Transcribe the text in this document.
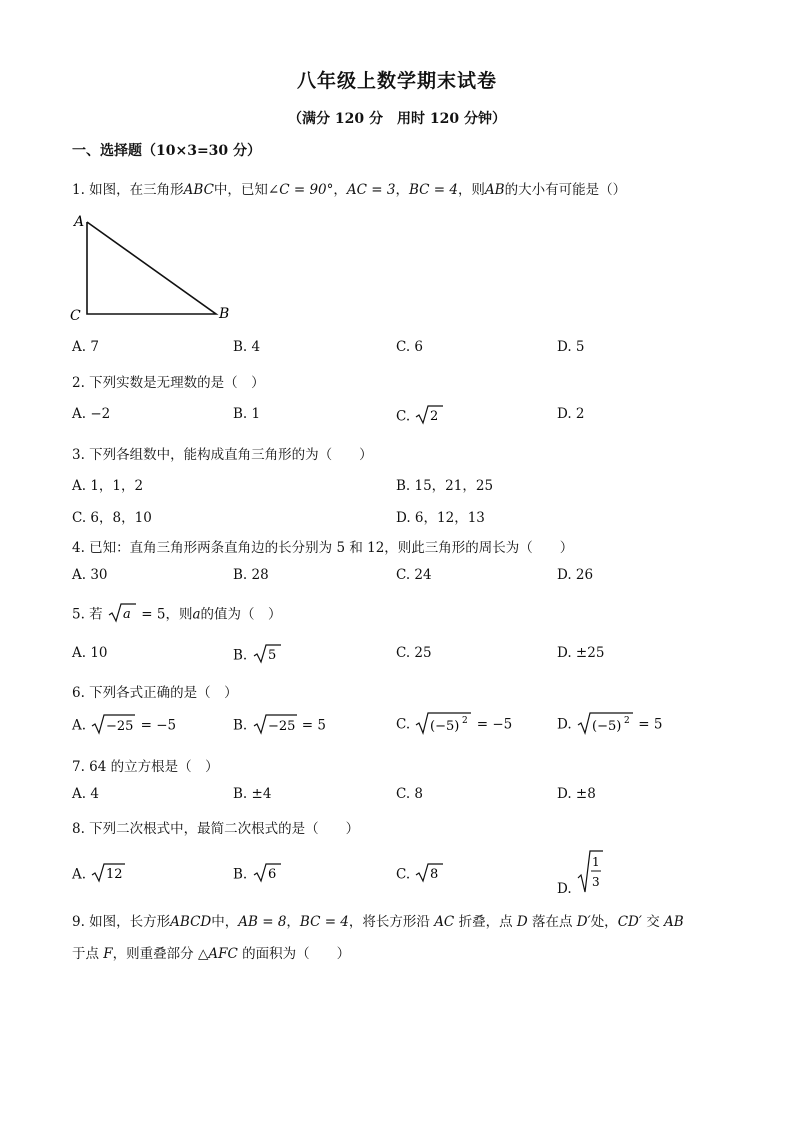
八年级上数学期末试卷
（满分 120 分　用时 120 分钟）
一、选择题（10×3=30 分）
1. 如图，在三角形ABC中，已知∠C = 90°，AC = 3，BC = 4，则AB的大小有可能是（）
A
C	B
A. 7	B. 4	C. 6	D. 5
2. 下列实数是无理数的是（　）
A. −2	B. 1	C. 2	D. 2
3. 下列各组数中，能构成直角三角形的为（　　）
A. 1，1，2	B. 15，21，25
C. 6，8，10	D. 6，12，13
4. 已知：直角三角形两条直角边的长分别为 5 和 12，则此三角形的周长为（　　）
A. 30	B. 28	C. 24	D. 26
5. 若 a = 5，则a的值为（　）
A. 10	B. 5	C. 25	D. ±25
6. 下列各式正确的是（　）
A. −25 = −5	B. −25 = 5	C. (−5) 2 = −5	D. (−5) 2 = 5
7. 64 的立方根是（　）
A. 4	B. ±4	C. 8	D. ±8
8. 下列二次根式中，最简二次根式的是（　　）
A. 12	B. 6	C. 8
D.
1
3
9. 如图，长方形ABCD中，AB = 8，BC = 4，将长方形沿 AC 折叠，点 D 落在点 D′处，CD′ 交 AB
于点 F，则重叠部分 △AFC 的面积为（　　）
